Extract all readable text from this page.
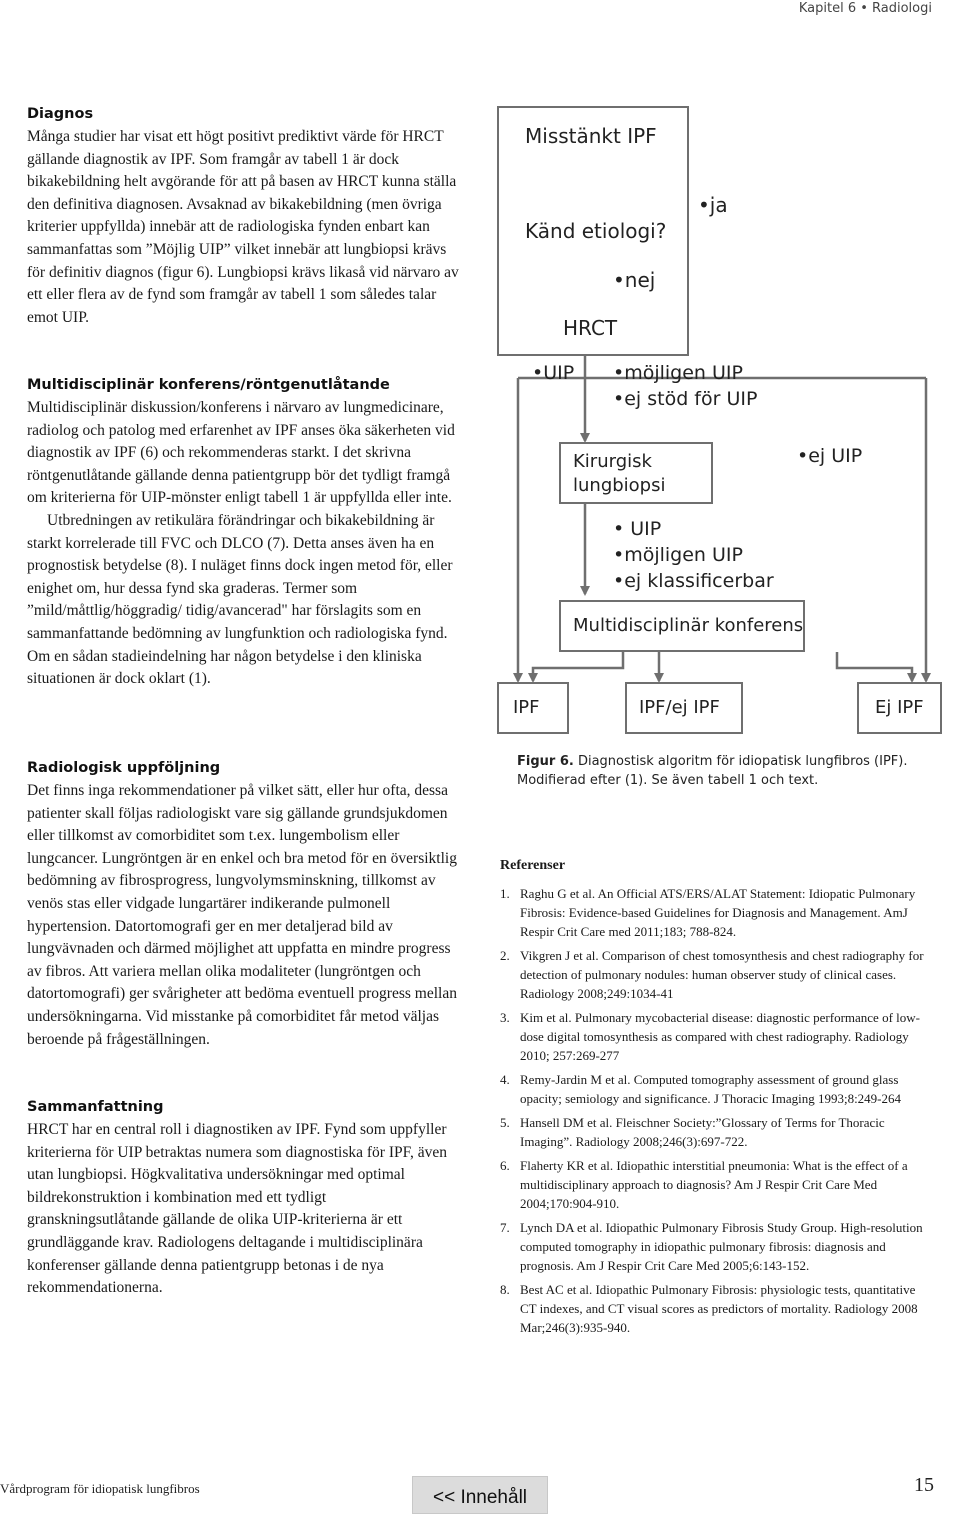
Kapitel 6 • Radiologi
Diagnos

Många studier har visat ett högt positivt prediktivt värde för HRCT gällande diagnostik av IPF. Som framgår av tabell 1 är dock bikakebildning helt avgörande för att på basen av HRCT kunna ställa den definitiva diagnosen. Avsaknad av bikakebildning (men övriga kriterier uppfyllda) innebär att de radiologiska fynden enbart kan sammanfattas som ”Möjlig UIP” vilket innebär att lungbiopsi krävs för definitiv diagnos (figur 6). Lungbiopsi krävs likaså vid närvaro av ett eller flera av de fynd som framgår av tabell 1 som således talar emot UIP.

Multidisciplinär konferens/röntgenutlåtande

Multidisciplinär diskussion/konferens i närvaro av lungmedicinare, radiolog och patolog med erfarenhet av IPF anses öka säkerheten vid diagnostik av IPF (6) och rekommenderas starkt. I det skrivna röntgenutlåtande gällande denna patientgrupp bör det tydligt framgå om kriterierna för UIP-mönster enligt tabell 1 är uppfyllda eller inte.

Utbredningen av retikulära förändringar och bikakebildning är starkt korrelerade till FVC och DLCO (7). Detta anses även ha en prognostisk betydelse (8). I nuläget finns dock ingen metod för, eller enighet om, hur dessa fynd ska graderas. Termer som ”mild/måttlig/höggradig/ tidig/avancerad" har förslagits som en sammanfattande bedömning av lungfunktion och radiologiska fynd. Om en sådan stadieindelning har någon betydelse i den kliniska situationen är dock oklart (1).

Radiologisk uppföljning

Det finns inga rekommendationer på vilket sätt, eller hur ofta, dessa patienter skall följas radiologiskt vare sig gällande grundsjukdomen eller tillkomst av comorbiditet som t.ex. lungembolism eller lungcancer. Lungröntgen är en enkel och bra metod för en översiktlig bedömning av fibrosprogress, lungvolymsminskning, tillkomst av venös stas eller vidgade lungartärer indikerande pulmonell hypertension. Datortomografi ger en mer detaljerad bild av lungvävnaden och därmed möjlighet att uppfatta en mindre progress av fibros. Att variera mellan olika modaliteter (lungröntgen och datortomografi) ger svårigheter att bedöma eventuell progress mellan undersökningarna. Vid misstanke på comorbiditet får metod väljas beroende på frågeställningen.

Sammanfattning

HRCT har en central roll i diagnostiken av IPF. Fynd som uppfyller kriterierna för UIP betraktas numera som diagnostiska för IPF, även utan lungbiopsi. Högkvalitativa undersökningar med optimal bildrekonstruktion i kombination med ett tydligt granskningsutlåtande gällande de olika UIP-kriterierna är ett grundläggande krav. Radiologens deltagande i multidisciplinära konferenser gällande denna patientgrupp betonas i de nya rekommendationerna.

Misstänkt IPF
Känd etiologi?
HRCT
•ja
•nej
•UIP •möjligen UIP
•ej stöd för UIP
•ej UIP
Kirurgisk
lungbiopsi
• UIP
•möjligen UIP
•ej klassificerbar
Multidisciplinär konferens
IPF	IPF/ej IPF	Ej IPF
Figur 6. Diagnostisk algoritm för idiopatisk lungfibros (IPF). Modifierad efter (1). Se även tabell 1 och text.
Referenser
1. Raghu G et al. An Official ATS/ERS/ALAT Statement: Idiopatic Pulmonary Fibrosis: Evidence-based Guidelines for Diagnosis and Management. AmJ Respir Crit Care med 2011;183; 788-824.
2. Vikgren J et al. Comparison of chest tomosynthesis and chest radiography for detection of pulmonary nodules: human observer study of clinical cases. Radiology 2008;249:1034-41
3. Kim et al. Pulmonary mycobacterial disease: diagnostic performance of low-dose digital tomosynthesis as compared with chest radiography. Radiology 2010; 257:269-277
4. Remy-Jardin M et al. Computed tomography assessment of ground glass opacity; semiology and significance. J Thoracic Imaging 1993;8:249-264
5. Hansell DM et al. Fleischner Society:”Glossary of Terms for Thoracic Imaging”. Radiology 2008;246(3):697-722.
6. Flaherty KR et al. Idiopathic interstitial pneumonia: What is the effect of a multidisciplinary approach to diagnosis? Am J Respir Crit Care Med 2004;170:904-910.
7. Lynch DA et al. Idiopathic Pulmonary Fibrosis Study Group. High-resolution computed tomography in idiopathic pulmonary fibrosis: diagnosis and prognosis. Am J Respir Crit Care Med 2005;6:143-152.
8. Best AC et al. Idiopathic Pulmonary Fibrosis: physiologic tests, quantitative CT indexes, and CT visual scores as predictors of mortality. Radiology 2008 Mar;246(3):935-940.
Vårdprogram för idiopatisk lungfibros	<< Innehåll
15
